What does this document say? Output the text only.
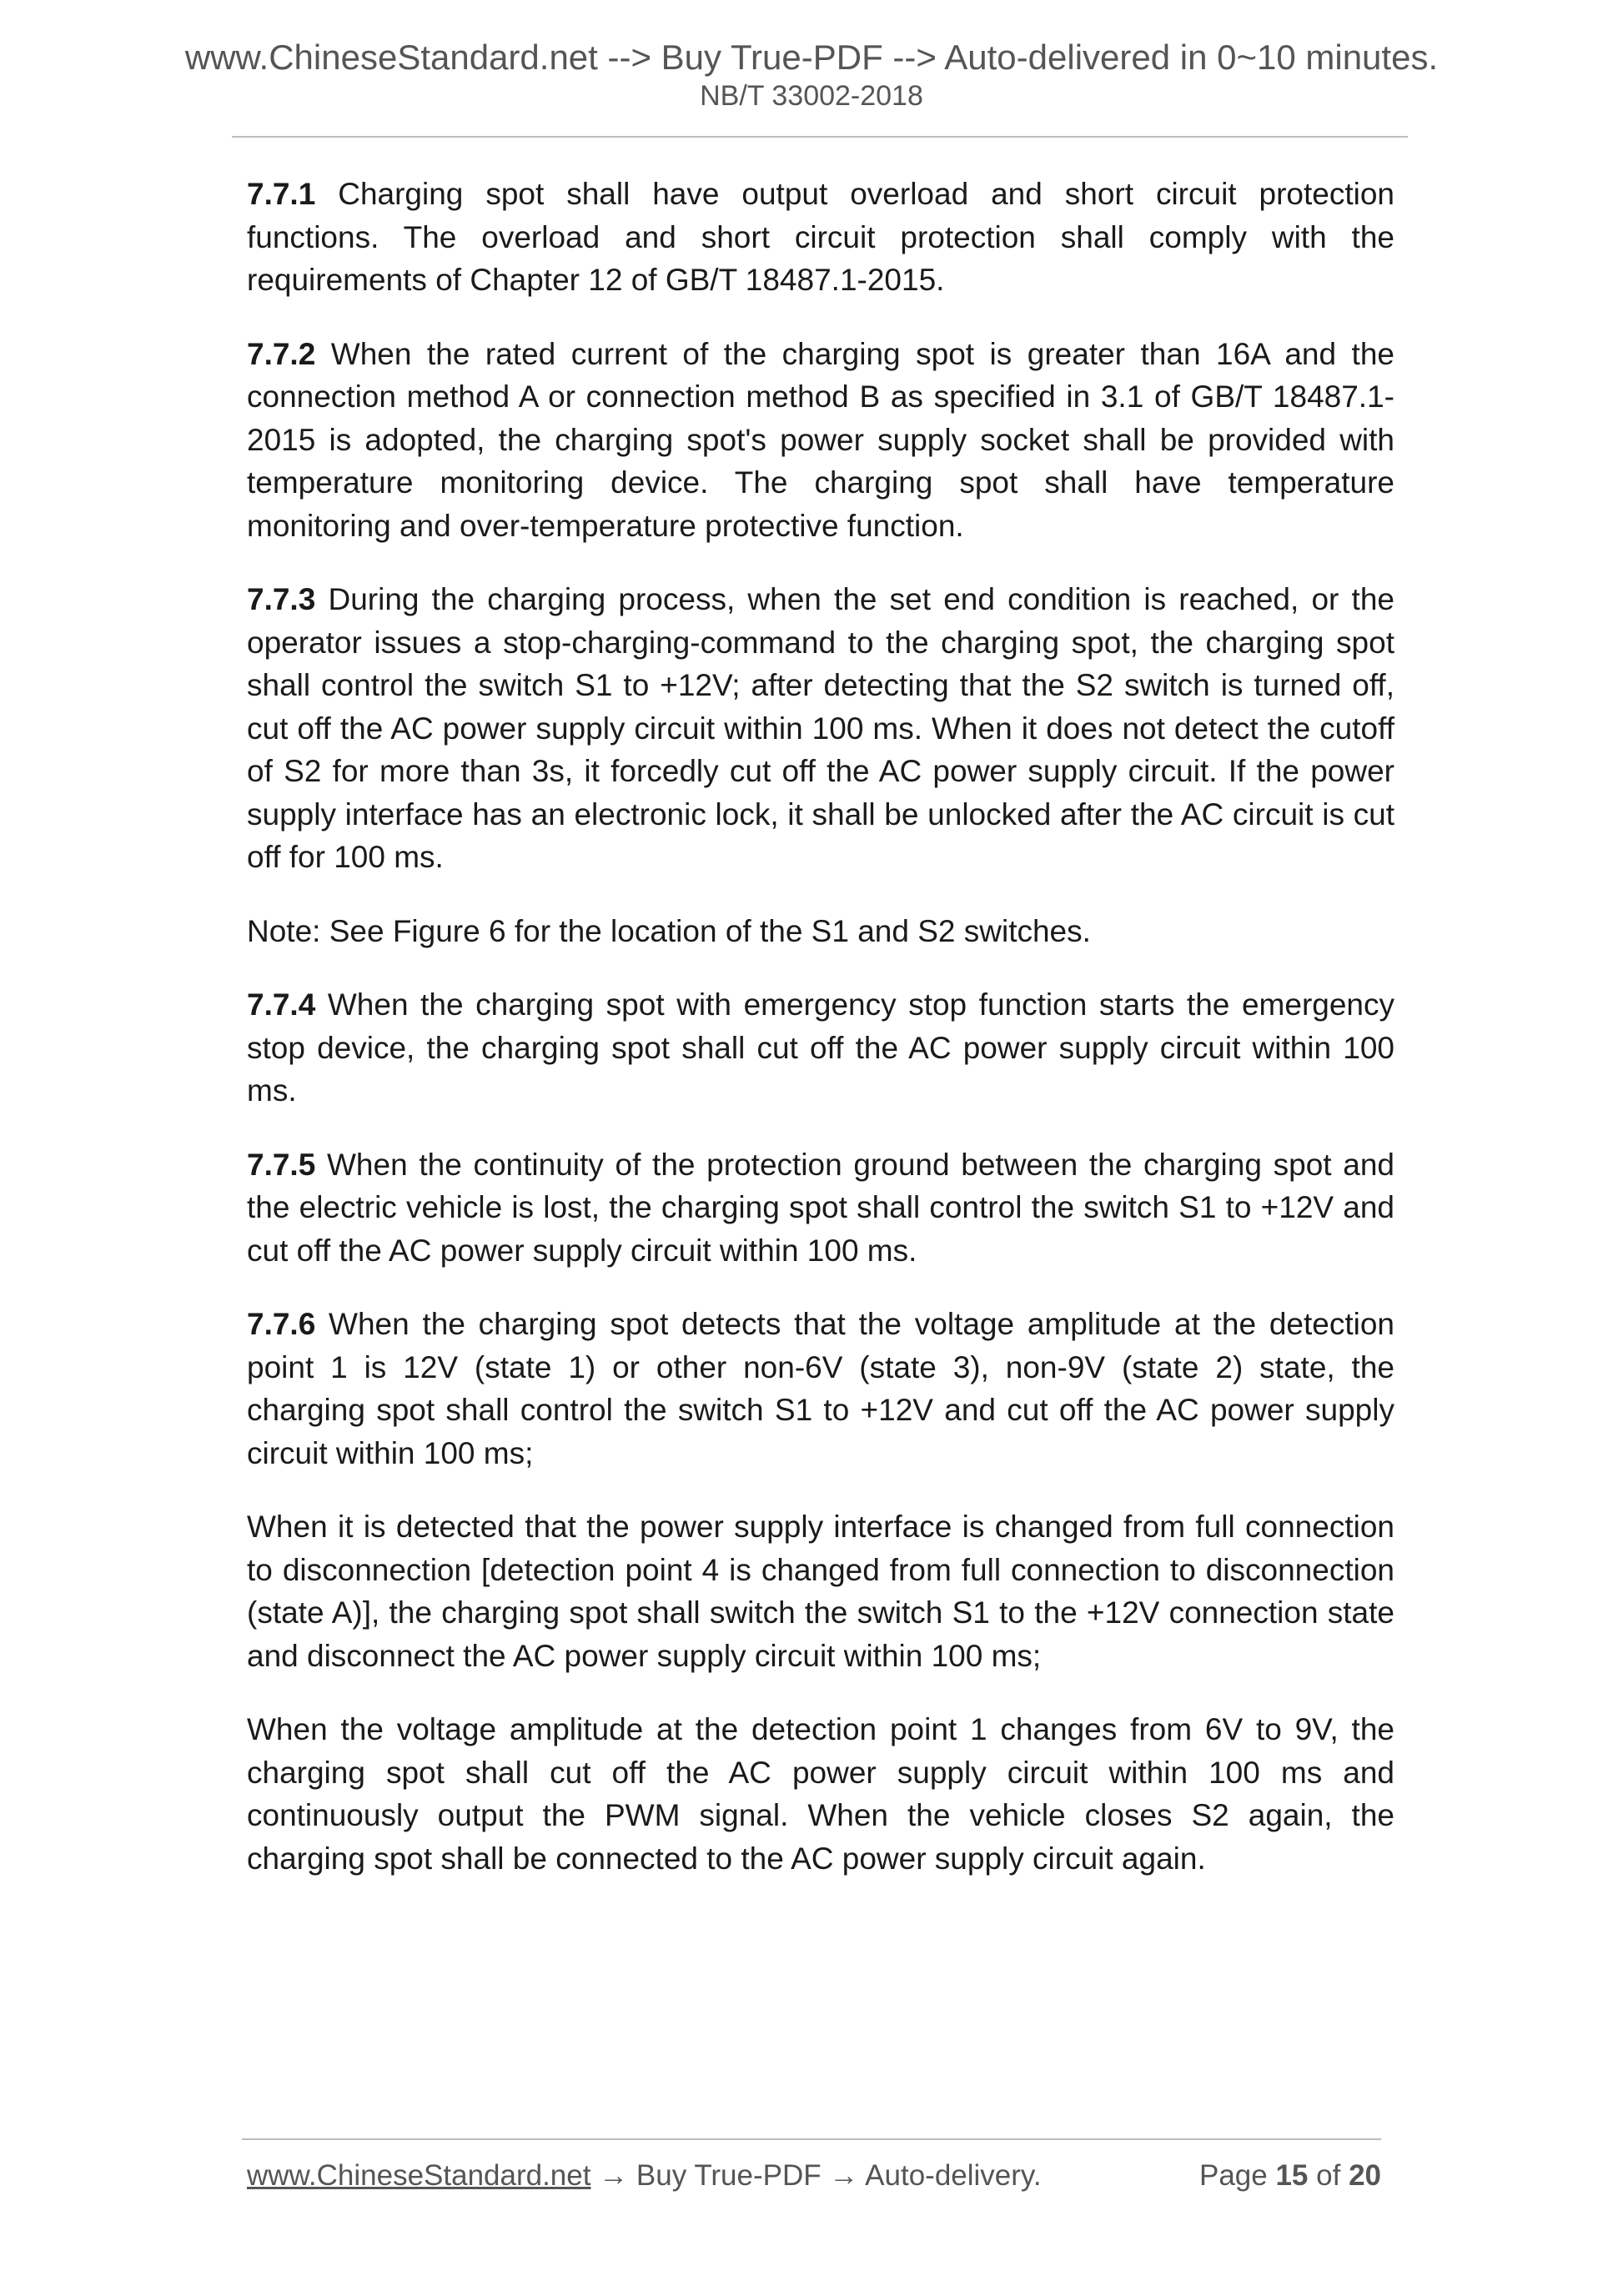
www.ChineseStandard.net --> Buy True-PDF --> Auto-delivered in 0~10 minutes.
NB/T 33002-2018

7.7.1 Charging spot shall have output overload and short circuit protection functions. The overload and short circuit protection shall comply with the requirements of Chapter 12 of GB/T 18487.1-2015.

7.7.2 When the rated current of the charging spot is greater than 16A and the connection method A or connection method B as specified in 3.1 of GB/T 18487.1-2015 is adopted, the charging spot's power supply socket shall be provided with temperature monitoring device. The charging spot shall have temperature monitoring and over-temperature protective function.

7.7.3 During the charging process, when the set end condition is reached, or the operator issues a stop-charging-command to the charging spot, the charging spot shall control the switch S1 to +12V; after detecting that the S2 switch is turned off, cut off the AC power supply circuit within 100 ms. When it does not detect the cutoff of S2 for more than 3s, it forcedly cut off the AC power supply circuit. If the power supply interface has an electronic lock, it shall be unlocked after the AC circuit is cut off for 100 ms.

Note: See Figure 6 for the location of the S1 and S2 switches.

7.7.4 When the charging spot with emergency stop function starts the emergency stop device, the charging spot shall cut off the AC power supply circuit within 100 ms.

7.7.5 When the continuity of the protection ground between the charging spot and the electric vehicle is lost, the charging spot shall control the switch S1 to +12V and cut off the AC power supply circuit within 100 ms.

7.7.6 When the charging spot detects that the voltage amplitude at the detection point 1 is 12V (state 1) or other non-6V (state 3), non-9V (state 2) state, the charging spot shall control the switch S1 to +12V and cut off the AC power supply circuit within 100 ms;

When it is detected that the power supply interface is changed from full connection to disconnection [detection point 4 is changed from full connection to disconnection (state A)], the charging spot shall switch the switch S1 to the +12V connection state and disconnect the AC power supply circuit within 100 ms;

When the voltage amplitude at the detection point 1 changes from 6V to 9V, the charging spot shall cut off the AC power supply circuit within 100 ms and continuously output the PWM signal. When the vehicle closes S2 again, the charging spot shall be connected to the AC power supply circuit again.

www.ChineseStandard.net → Buy True-PDF → Auto-delivery.	Page 15 of 20
